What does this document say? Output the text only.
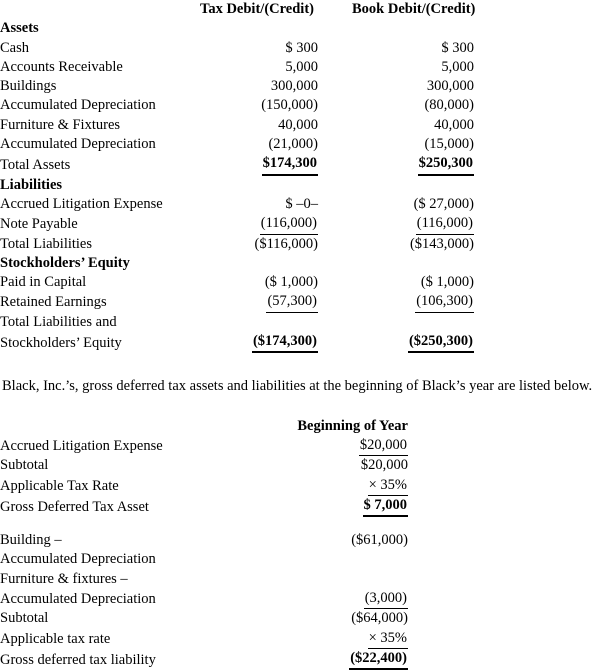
	Tax Debit/(Credit)		Book Debit/(Credit)	
Assets				
Cash	$ 300		$ 300	
Accounts Receivable	5,000		5,000	
Buildings	300,000		300,000	
Accumulated Depreciation	(150,000)		(80,000)	
Furniture & Fixtures	40,000		40,000	
Accumulated Depreciation	(21,000)		(15,000)	
Total Assets	$174,300		$250,300	

Liabilities				
Accrued Litigation Expense	$ –0–		($ 27,000)	
Note Payable	(116,000)		(116,000)	
Total Liabilities	($116,000)		($143,000)	

Stockholders’ Equity				
Paid in Capital	($ 1,000)		($ 1,000)	
Retained Earnings	(57,300)		(106,300)	
Total Liabilities and				
Stockholders’ Equity	($174,300)		($250,300)	

Black, Inc.’s, gross deferred tax assets and liabilities at the beginning of Black’s year are listed below.

	Beginning of Year	
Accrued Litigation Expense	$20,000	
Subtotal	$20,000	
Applicable Tax Rate	× 35%	
Gross Deferred Tax Asset	$ 7,000	
Building –	($61,000)	
Accumulated Depreciation		
Furniture & fixtures –		
Accumulated Depreciation	(3,000)	
Subtotal	($64,000)	
Applicable tax rate	× 35%	
Gross deferred tax liability	($22,400)	
